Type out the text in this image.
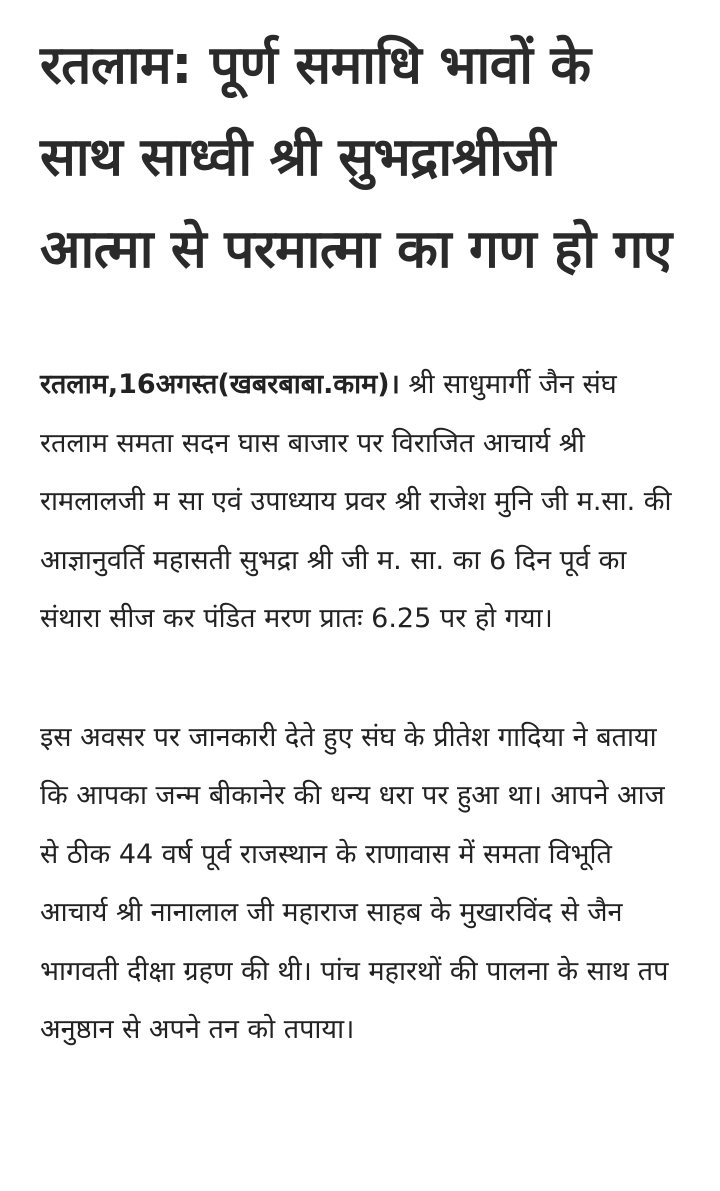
रतलाम: पूर्ण समाधि भावों के साथ साध्वी श्री सुभद्राश्रीजी आत्मा से परमात्मा का गण हो गए

रतलाम,16अगस्त(खबरबाबा.काम)। श्री साधुमार्गी जैन संघ रतलाम समता सदन घास बाजार पर विराजित आचार्य श्री रामलालजी म सा एवं उपाध्याय प्रवर श्री राजेश मुनि जी म.सा. की आज्ञानुवर्ति महासती सुभद्रा श्री जी म. सा. का 6 दिन पूर्व का संथारा सीज कर पंडित मरण प्रातः 6.25 पर हो गया।

इस अवसर पर जानकारी देते हुए संघ के प्रीतेश गादिया ने बताया कि आपका जन्म बीकानेर की धन्य धरा पर हुआ था। आपने आज से ठीक 44 वर्ष पूर्व राजस्थान के राणावास में समता विभूति आचार्य श्री नानालाल जी महाराज साहब के मुखारविंद से जैन भागवती दीक्षा ग्रहण की थी। पांच महारथों की पालना के साथ तप अनुष्ठान से अपने तन को तपाया।
